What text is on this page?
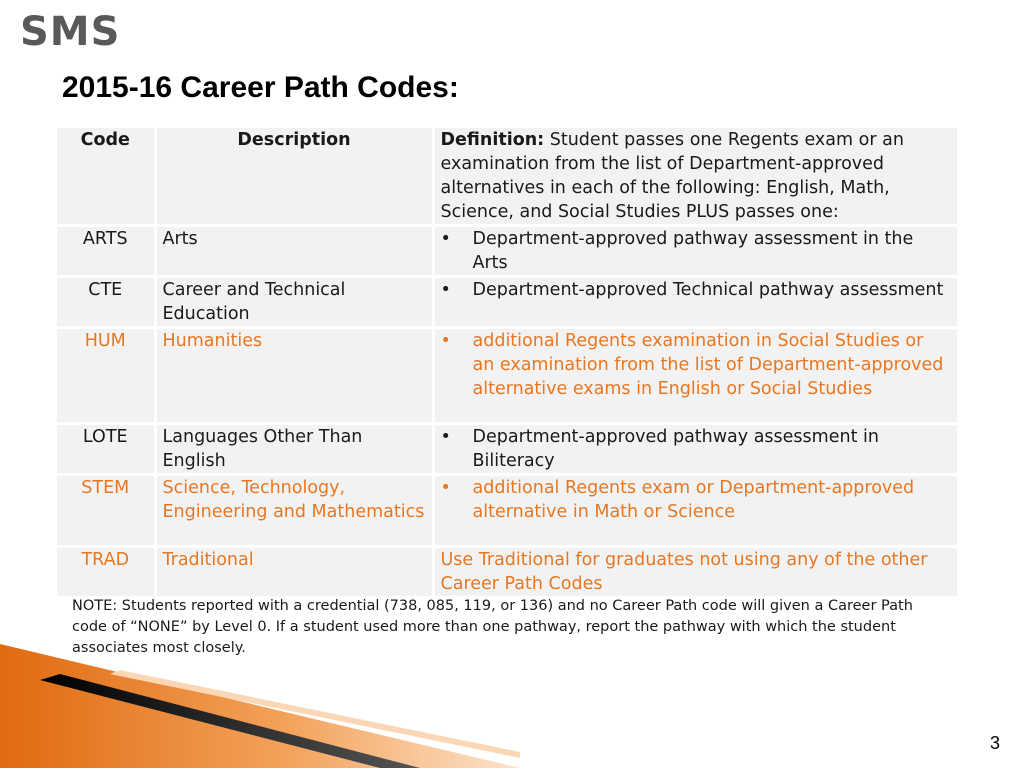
SMS
2015-16 Career Path Codes:
Code	Description	Definition: Student passes one Regents exam or an examination from the list of Department-approved alternatives in each of the following: English, Math, Science, and Social Studies PLUS passes one:
ARTS	Arts	• Department-approved pathway assessment in the Arts

CTE	Career and Technical Education	• Department-approved Technical pathway assessment

HUM	Humanities	• additional Regents examination in Social Studies or an examination from the list of Department-approved alternative exams in English or Social Studies

LOTE	Languages Other Than English	• Department-approved pathway assessment in Biliteracy

STEM	Science, Technology, Engineering and Mathematics	• additional Regents exam or Department-approved alternative in Math or Science

TRAD	Traditional	Use Traditional for graduates not using any of the other Career Path Codes

NOTE: Students reported with a credential (738, 085, 119, or 136) and no Career Path code will given a Career Path code of “NONE” by Level 0. If a student used more than one pathway, report the pathway with which the student associates most closely.

3
